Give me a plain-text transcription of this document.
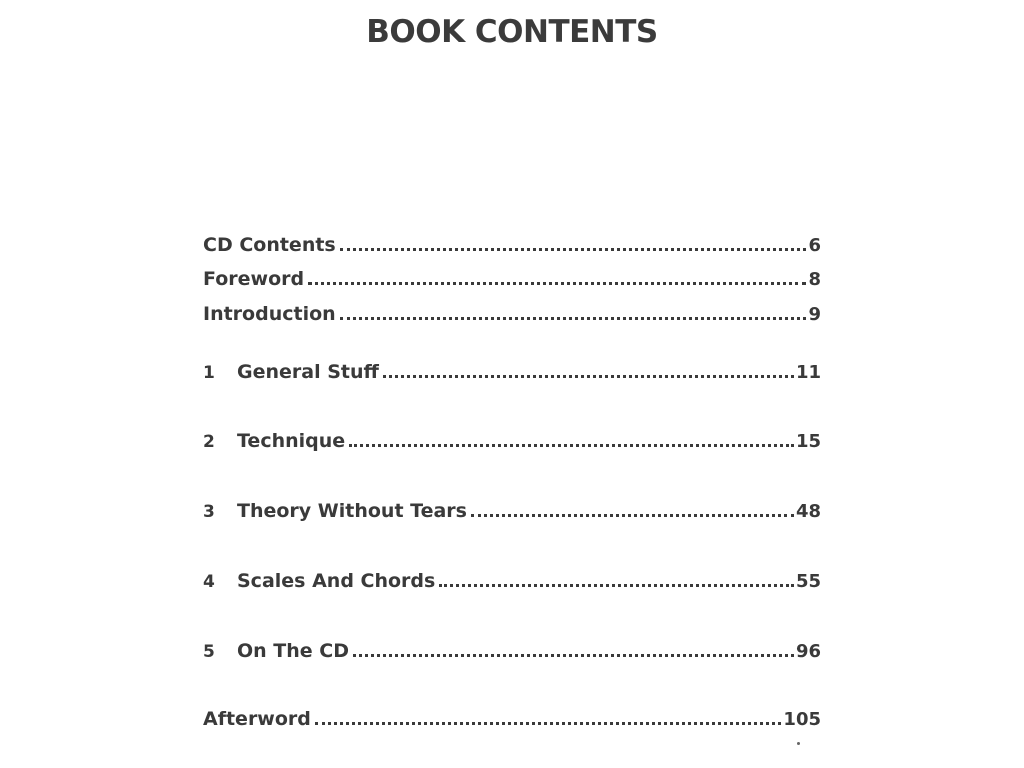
BOOK CONTENTS
CD Contents	6
Foreword	8
Introduction	9
1	General Stuff	11
2	Technique	15
3	Theory Without Tears	48
4	Scales And Chords	55
5	On The CD	96
Afterword	105
